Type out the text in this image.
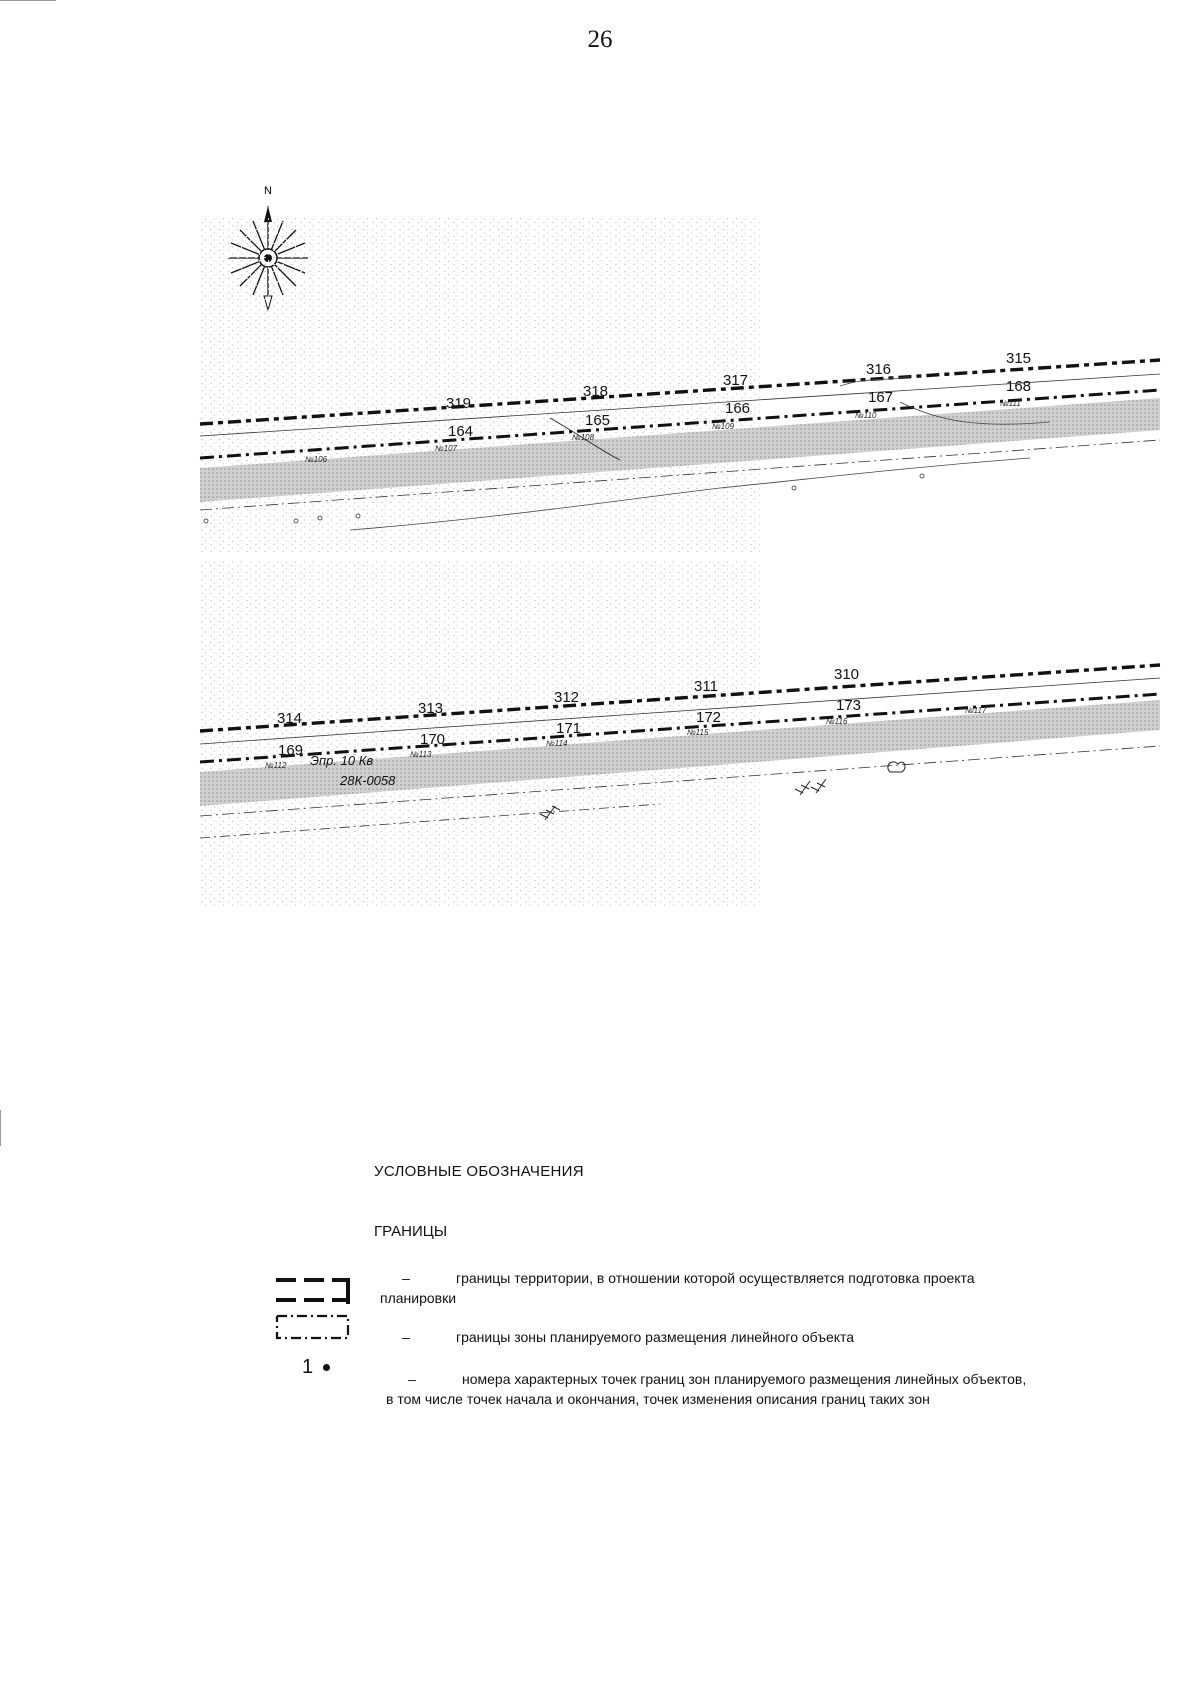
26
N
319
318
317
316
315
164
165
166
167
168
№106
№107
№108
№109
№110
№111
314
313
312
311
310
169
170
171
172
173
№112
№113
№114
№115
№116
№117
Эпр. 10 Кв
28К-0058
УСЛОВНЫЕ ОБОЗНАЧЕНИЯ
ГРАНИЦЫ
1
–	границы территории, в отношении которой осуществляется подготовка проекта
планировки
–	границы зоны планируемого размещения линейного объекта
–	номера характерных точек границ зон планируемого размещения линейных объектов,
в том числе точек начала и окончания, точек изменения описания границ таких зон
